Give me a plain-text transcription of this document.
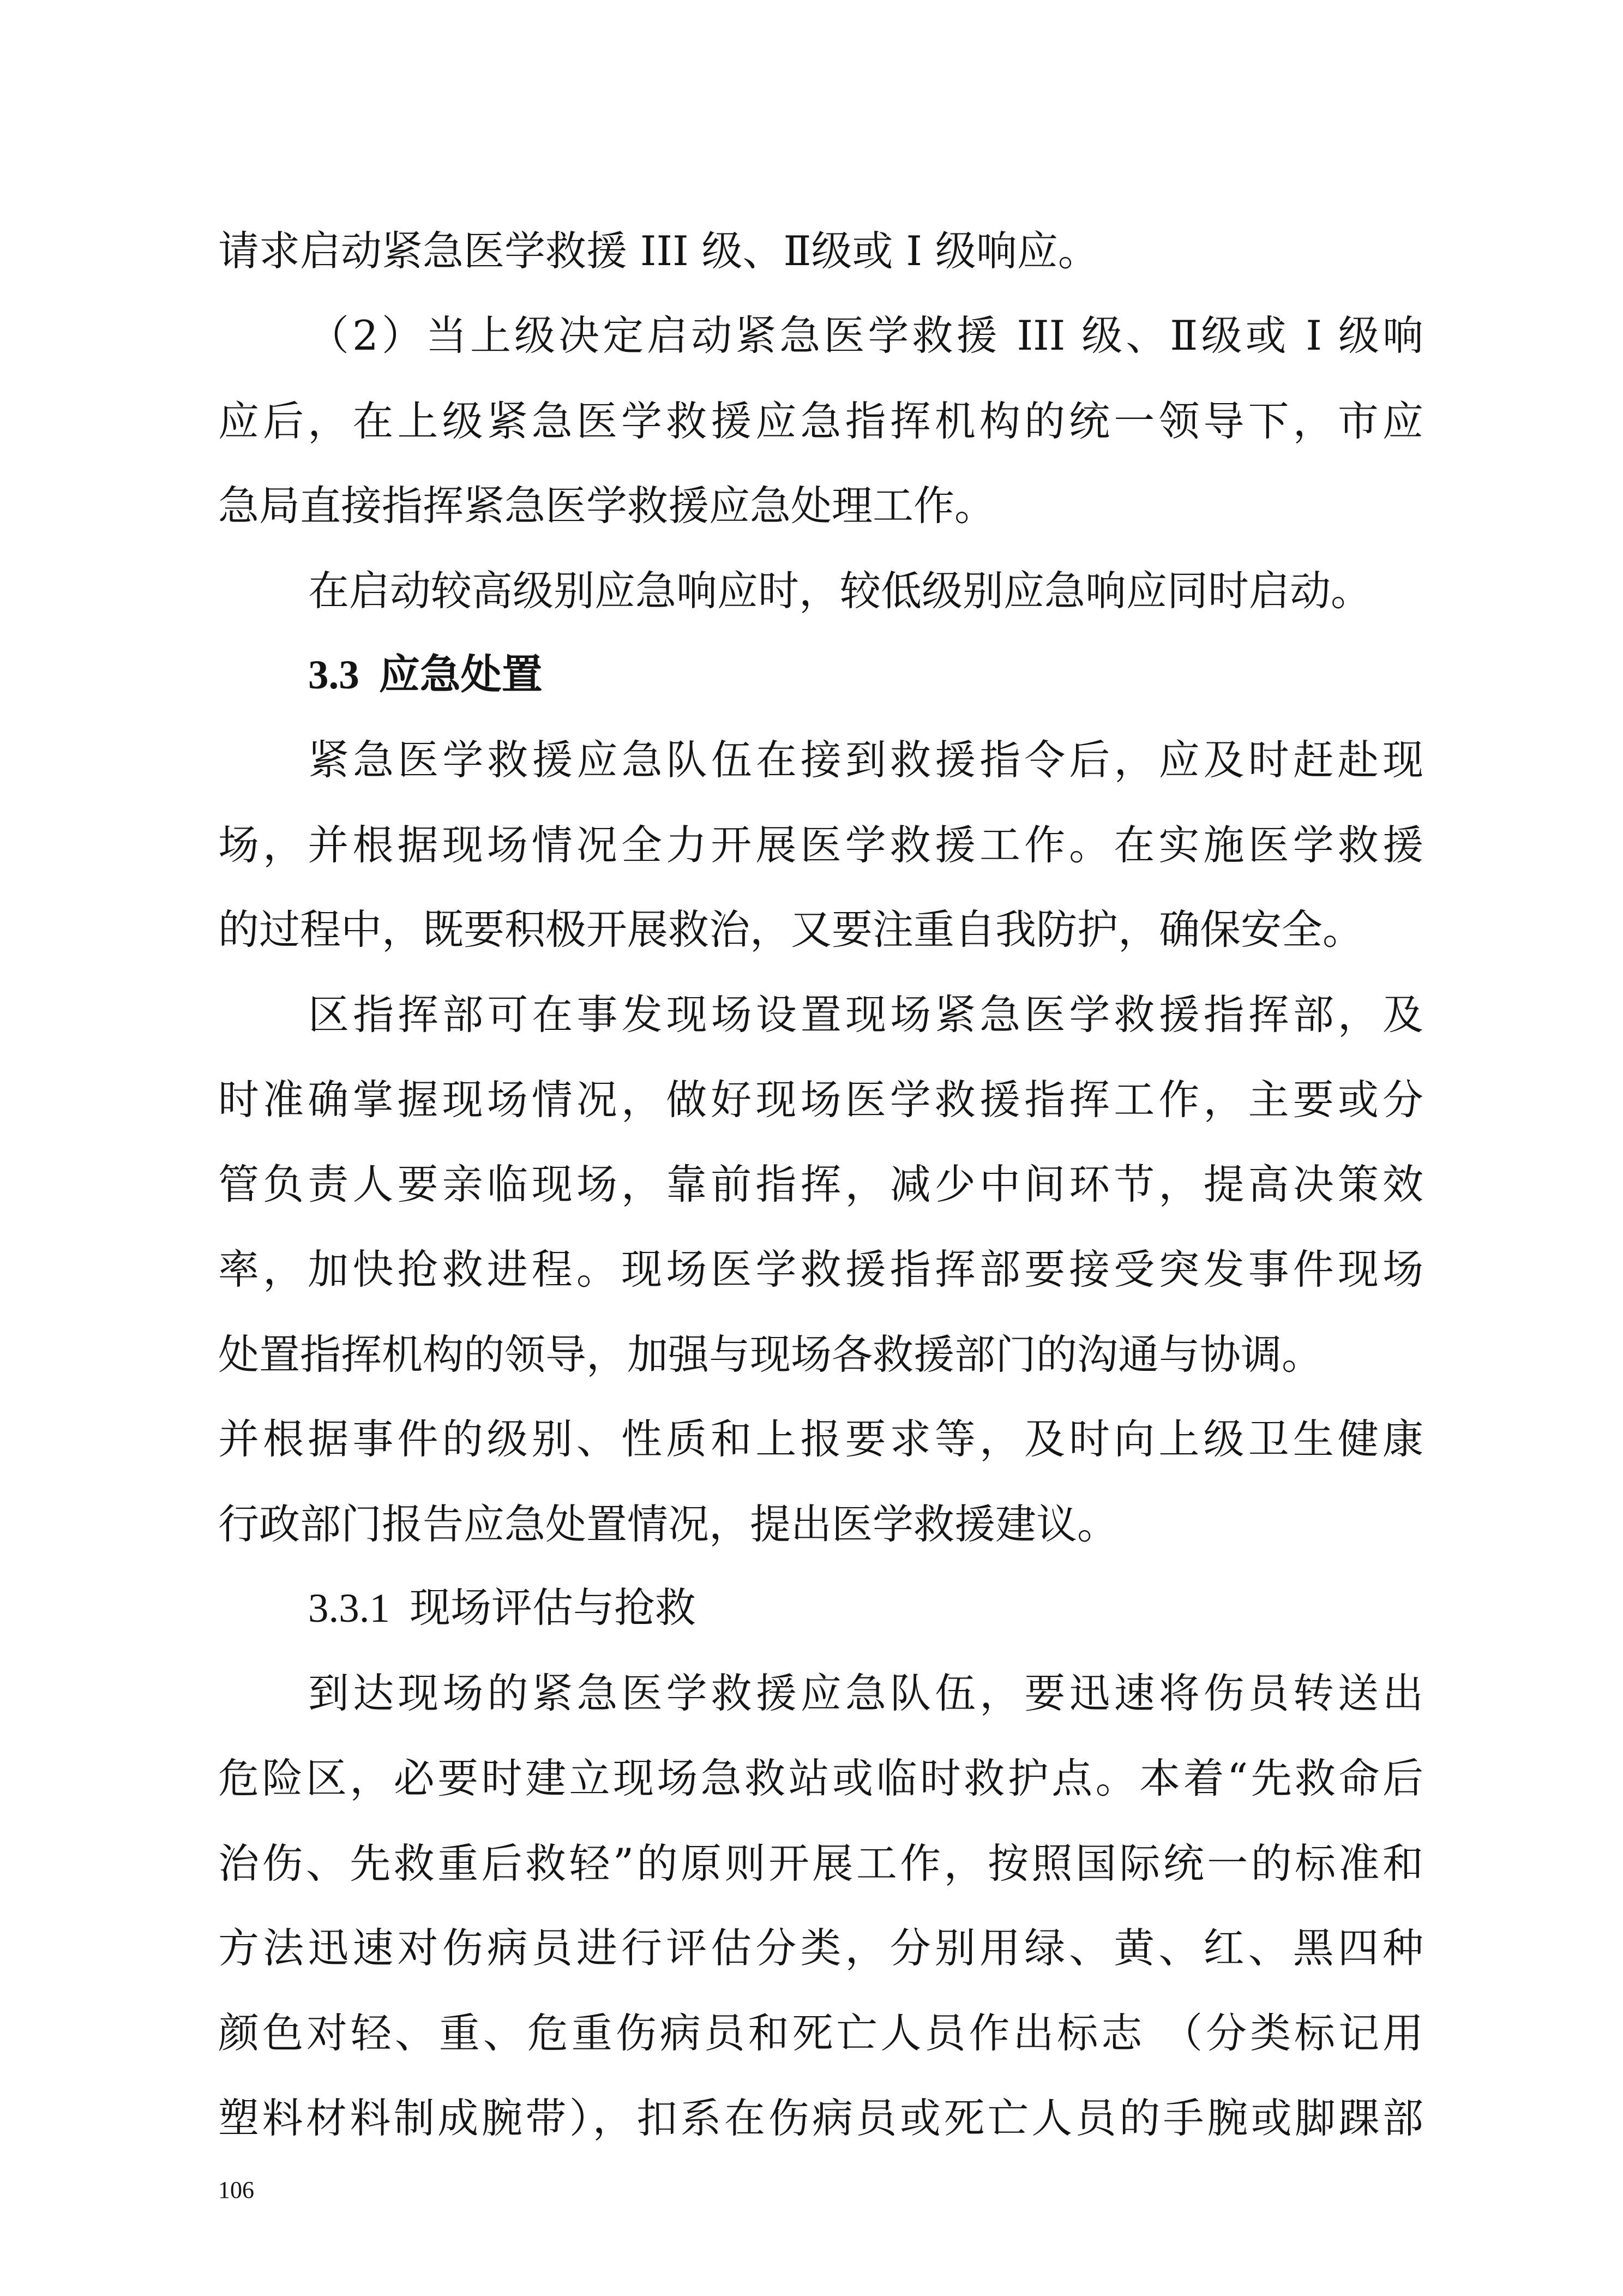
请求启动紧急医学救援 III 级、Ⅱ级或 I 级响应。
（2）当上级决定启动紧急医学救援 III 级、Ⅱ级或 I 级响
应后，在上级紧急医学救援应急指挥机构的统一领导下，市应
急局直接指挥紧急医学救援应急处理工作。
在启动较高级别应急响应时，较低级别应急响应同时启动。
3.3 应急处置
紧急医学救援应急队伍在接到救援指令后，应及时赶赴现
场，并根据现场情况全力开展医学救援工作。在实施医学救援
的过程中，既要积极开展救治，又要注重自我防护，确保安全。
区指挥部可在事发现场设置现场紧急医学救援指挥部，及
时准确掌握现场情况，做好现场医学救援指挥工作，主要或分
管负责人要亲临现场，靠前指挥，减少中间环节，提高决策效
率，加快抢救进程。现场医学救援指挥部要接受突发事件现场
处置指挥机构的领导，加强与现场各救援部门的沟通与协调。
并根据事件的级别、性质和上报要求等，及时向上级卫生健康
行政部门报告应急处置情况，提出医学救援建议。
3.3.1 现场评估与抢救
到达现场的紧急医学救援应急队伍，要迅速将伤员转送出
危险区，必要时建立现场急救站或临时救护点。本着“先救命后
治伤、先救重后救轻”的原则开展工作，按照国际统一的标准和
方法迅速对伤病员进行评估分类，分别用绿、黄、红、黑四种
颜色对轻、重、危重伤病员和死亡人员作出标志 （分类标记用
塑料材料制成腕带），扣系在伤病员或死亡人员的手腕或脚踝部
106
